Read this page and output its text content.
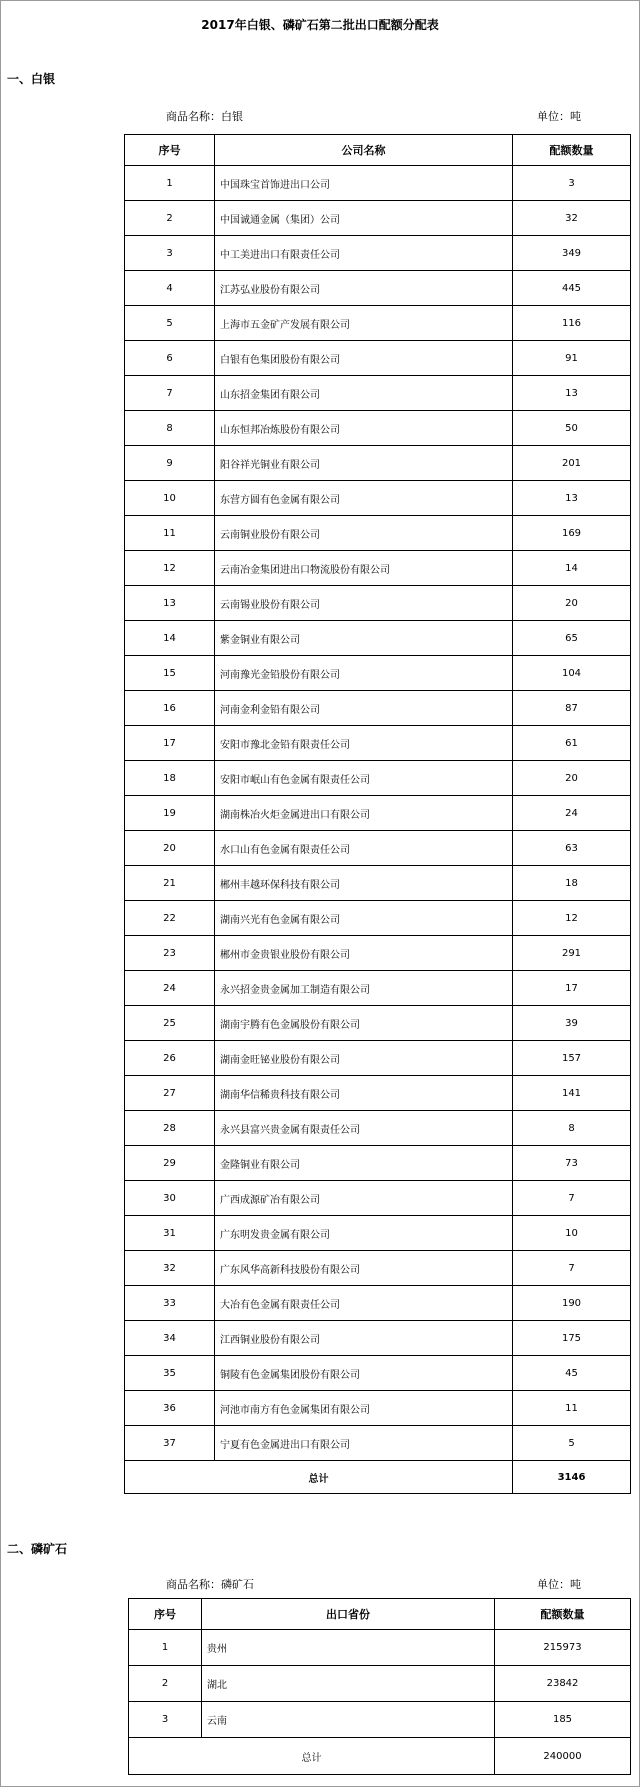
2017年白银、磷矿石第二批出口配额分配表
一、白银
商品名称：白银	单位：吨
序号	公司名称	配额数量
1	中国珠宝首饰进出口公司	3
2	中国诚通金属（集团）公司	32
3	中工美进出口有限责任公司	349
4	江苏弘业股份有限公司	445
5	上海市五金矿产发展有限公司	116
6	白银有色集团股份有限公司	91
7	山东招金集团有限公司	13
8	山东恒邦冶炼股份有限公司	50
9	阳谷祥光铜业有限公司	201
10	东营方圆有色金属有限公司	13
11	云南铜业股份有限公司	169
12	云南冶金集团进出口物流股份有限公司	14
13	云南锡业股份有限公司	20
14	紫金铜业有限公司	65
15	河南豫光金铅股份有限公司	104
16	河南金利金铅有限公司	87
17	安阳市豫北金铅有限责任公司	61
18	安阳市岷山有色金属有限责任公司	20
19	湖南株冶火炬金属进出口有限公司	24
20	水口山有色金属有限责任公司	63
21	郴州丰越环保科技有限公司	18
22	湖南兴光有色金属有限公司	12
23	郴州市金贵银业股份有限公司	291
24	永兴招金贵金属加工制造有限公司	17
25	湖南宇腾有色金属股份有限公司	39
26	湖南金旺铋业股份有限公司	157
27	湖南华信稀贵科技有限公司	141
28	永兴县富兴贵金属有限责任公司	8
29	金隆铜业有限公司	73
30	广西成源矿冶有限公司	7
31	广东明发贵金属有限公司	10
32	广东风华高新科技股份有限公司	7
33	大冶有色金属有限责任公司	190
34	江西铜业股份有限公司	175
35	铜陵有色金属集团股份有限公司	45
36	河池市南方有色金属集团有限公司	11
37	宁夏有色金属进出口有限公司	5
总计		3146
二、磷矿石
商品名称：磷矿石	单位：吨
序号	出口省份	配额数量
1	贵州	215973
2	湖北	23842
3	云南	185
总计		240000
